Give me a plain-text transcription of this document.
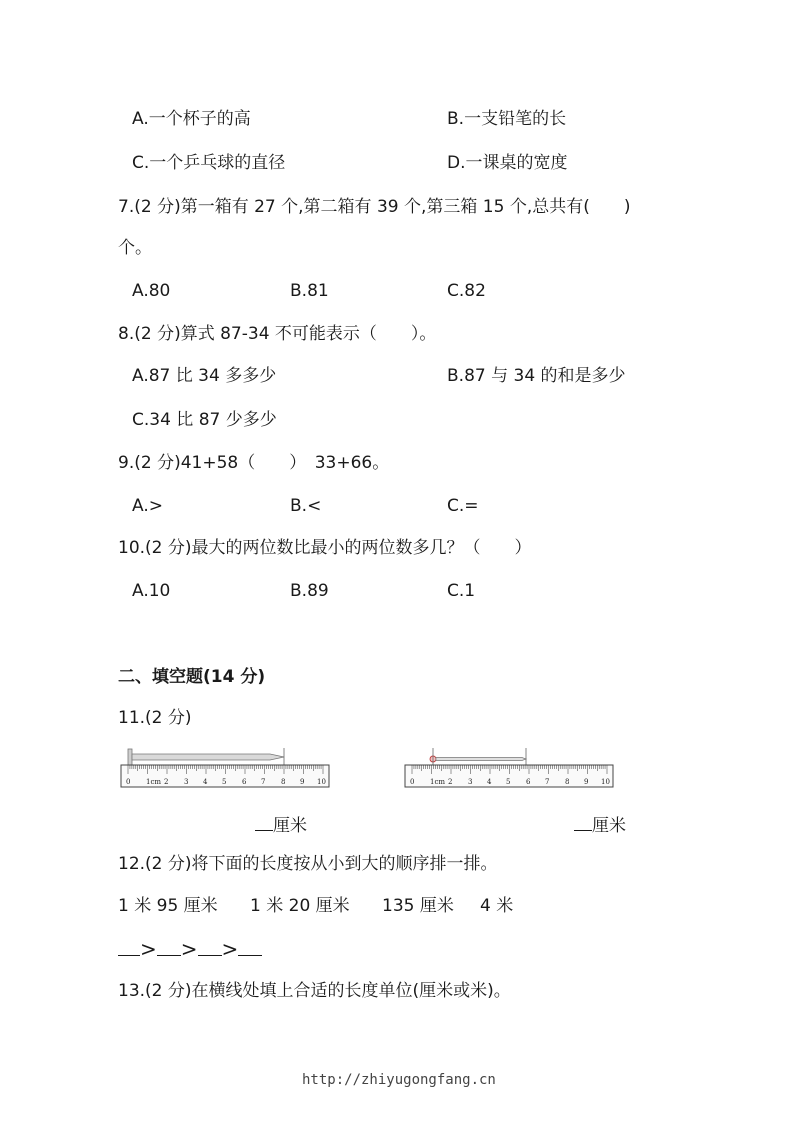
A.一个杯子的高	B.一支铅笔的长
C.一个乒乓球的直径	D.一课桌的宽度
7.(2 分)第一箱有 27 个,第二箱有 39 个,第三箱 15 个,总共有(　　)
个。
A.80	B.81	C.82
8.(2 分)算式 87-34 不可能表示（　　）。
A.87 比 34 多多少	B.87 与 34 的和是多少
C.34 比 87 少多少
9.(2 分)41+58（　　）　33+66。
A.>	B.<	C.=
10.(2 分)最大的两位数比最小的两位数多几？（　　）
A.10	B.89	C.1
二、填空题(14 分)
11.(2 分)
0 1cm 2 3 4 5 6 7 8 9 10	0 1cm 2 3 4 5 6 7 8 9 10
厘米	厘米
12.(2 分)将下面的长度按从小到大的顺序排一排。
1 米 95 厘米 1 米 20 厘米 135 厘米 4 米
> > >
13.(2 分)在横线处填上合适的长度单位(厘米或米)。
http://zhiyugongfang.cn
